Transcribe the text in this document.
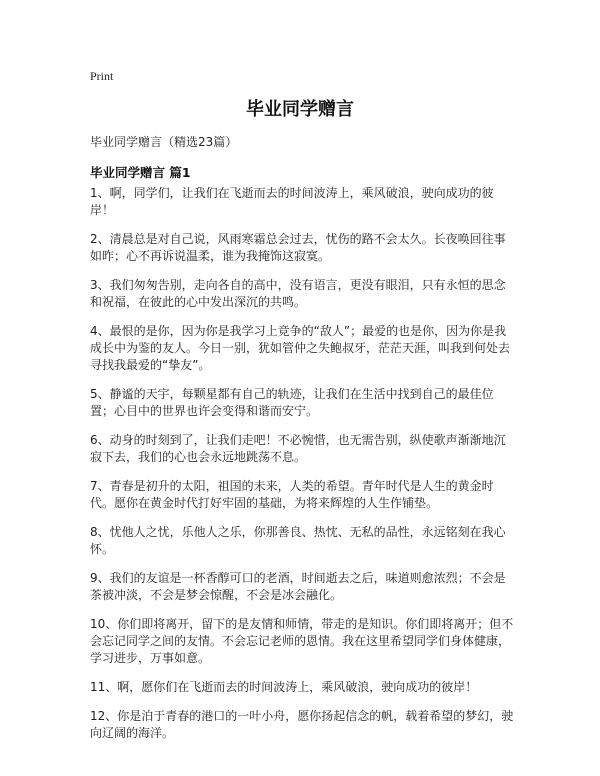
Print
毕业同学赠言
毕业同学赠言（精选23篇）
毕业同学赠言 篇1

1、啊，同学们，让我们在飞逝而去的时间波涛上，乘风破浪，驶向成功的彼岸！

2、清晨总是对自己说，风雨寒霜总会过去，忧伤的路不会太久。长夜唤回往事如昨；心不再诉说温柔，谁为我掩饰这寂寞。

3、我们匆匆告别，走向各自的高中，没有语言，更没有眼泪，只有永恒的思念和祝福，在彼此的心中发出深沉的共鸣。

4、最恨的是你，因为你是我学习上竞争的“敌人”；最爱的也是你，因为你是我成长中为鉴的友人。今日一别，犹如管仲之失鲍叔牙，茫茫天涯，叫我到何处去寻找我最爱的“挚友”。

5、静谧的天宇，每颗星都有自己的轨迹，让我们在生活中找到自己的最佳位置；心目中的世界也许会变得和谐而安宁。

6、动身的时刻到了，让我们走吧！不必惋惜，也无需告别，纵使歌声渐渐地沉寂下去，我们的心也会永远地跳荡不息。

7、青春是初升的太阳，祖国的未来，人类的希望。青年时代是人生的黄金时代。愿你在黄金时代打好牢固的基础，为将来辉煌的人生作铺垫。

8、忧他人之忧，乐他人之乐，你那善良、热忱、无私的品性，永远铭刻在我心怀。

9、我们的友谊是一杯香醇可口的老酒，时间逝去之后，味道则愈浓烈；不会是茶被冲淡，不会是梦会惊醒，不会是冰会融化。

10、你们即将离开，留下的是友情和师情，带走的是知识。你们即将离开；但不会忘记同学之间的友情。不会忘记老师的恩情。我在这里希望同学们身体健康，学习进步，万事如意。

11、啊，愿你们在飞逝而去的时间波涛上，乘风破浪，驶向成功的彼岸！

12、你是泊于青春的港口的一叶小舟，愿你扬起信念的帆，载着希望的梦幻，驶向辽阔的海洋。
